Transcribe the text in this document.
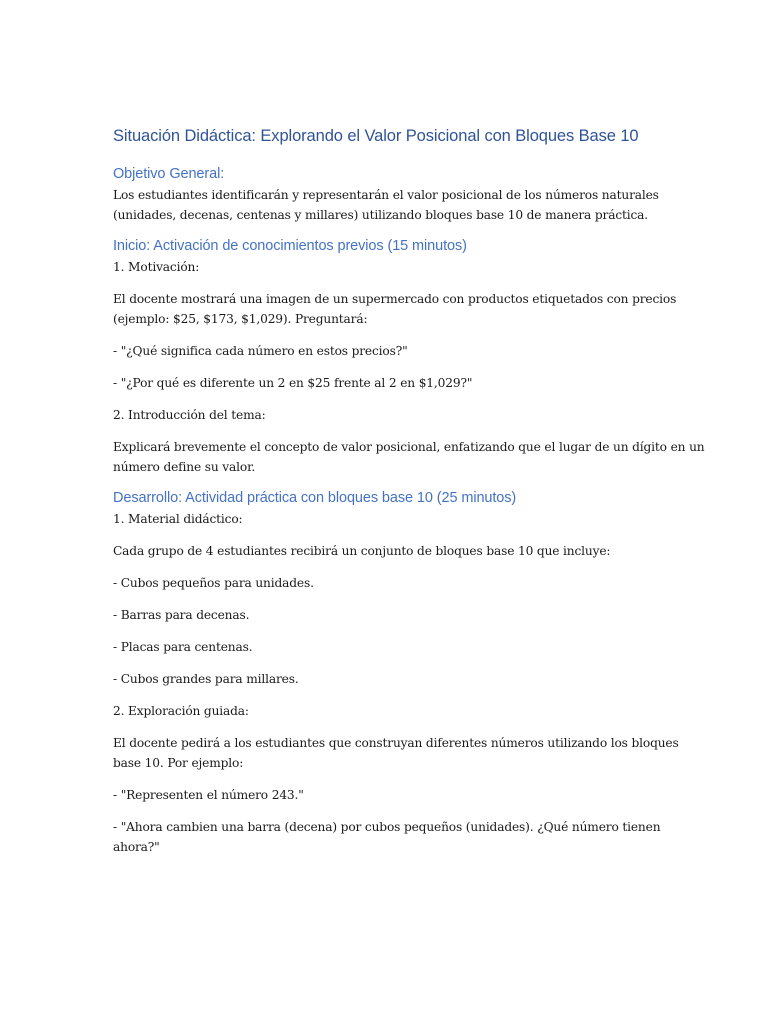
Situación Didáctica: Explorando el Valor Posicional con Bloques Base 10
Objetivo General:

Los estudiantes identificarán y representarán el valor posicional de los números naturales (unidades, decenas, centenas y millares) utilizando bloques base 10 de manera práctica.

Inicio: Activación de conocimientos previos (15 minutos)

1. Motivación:

El docente mostrará una imagen de un supermercado con productos etiquetados con precios (ejemplo: $25, $173, $1,029). Preguntará:

- "¿Qué significa cada número en estos precios?"

- "¿Por qué es diferente un 2 en $25 frente al 2 en $1,029?"

2. Introducción del tema:

Explicará brevemente el concepto de valor posicional, enfatizando que el lugar de un dígito en un número define su valor.

Desarrollo: Actividad práctica con bloques base 10 (25 minutos)

1. Material didáctico:

Cada grupo de 4 estudiantes recibirá un conjunto de bloques base 10 que incluye:

- Cubos pequeños para unidades.

- Barras para decenas.

- Placas para centenas.

- Cubos grandes para millares.

2. Exploración guiada:

El docente pedirá a los estudiantes que construyan diferentes números utilizando los bloques base 10. Por ejemplo:

- "Representen el número 243."

- "Ahora cambien una barra (decena) por cubos pequeños (unidades). ¿Qué número tienen ahora?"
